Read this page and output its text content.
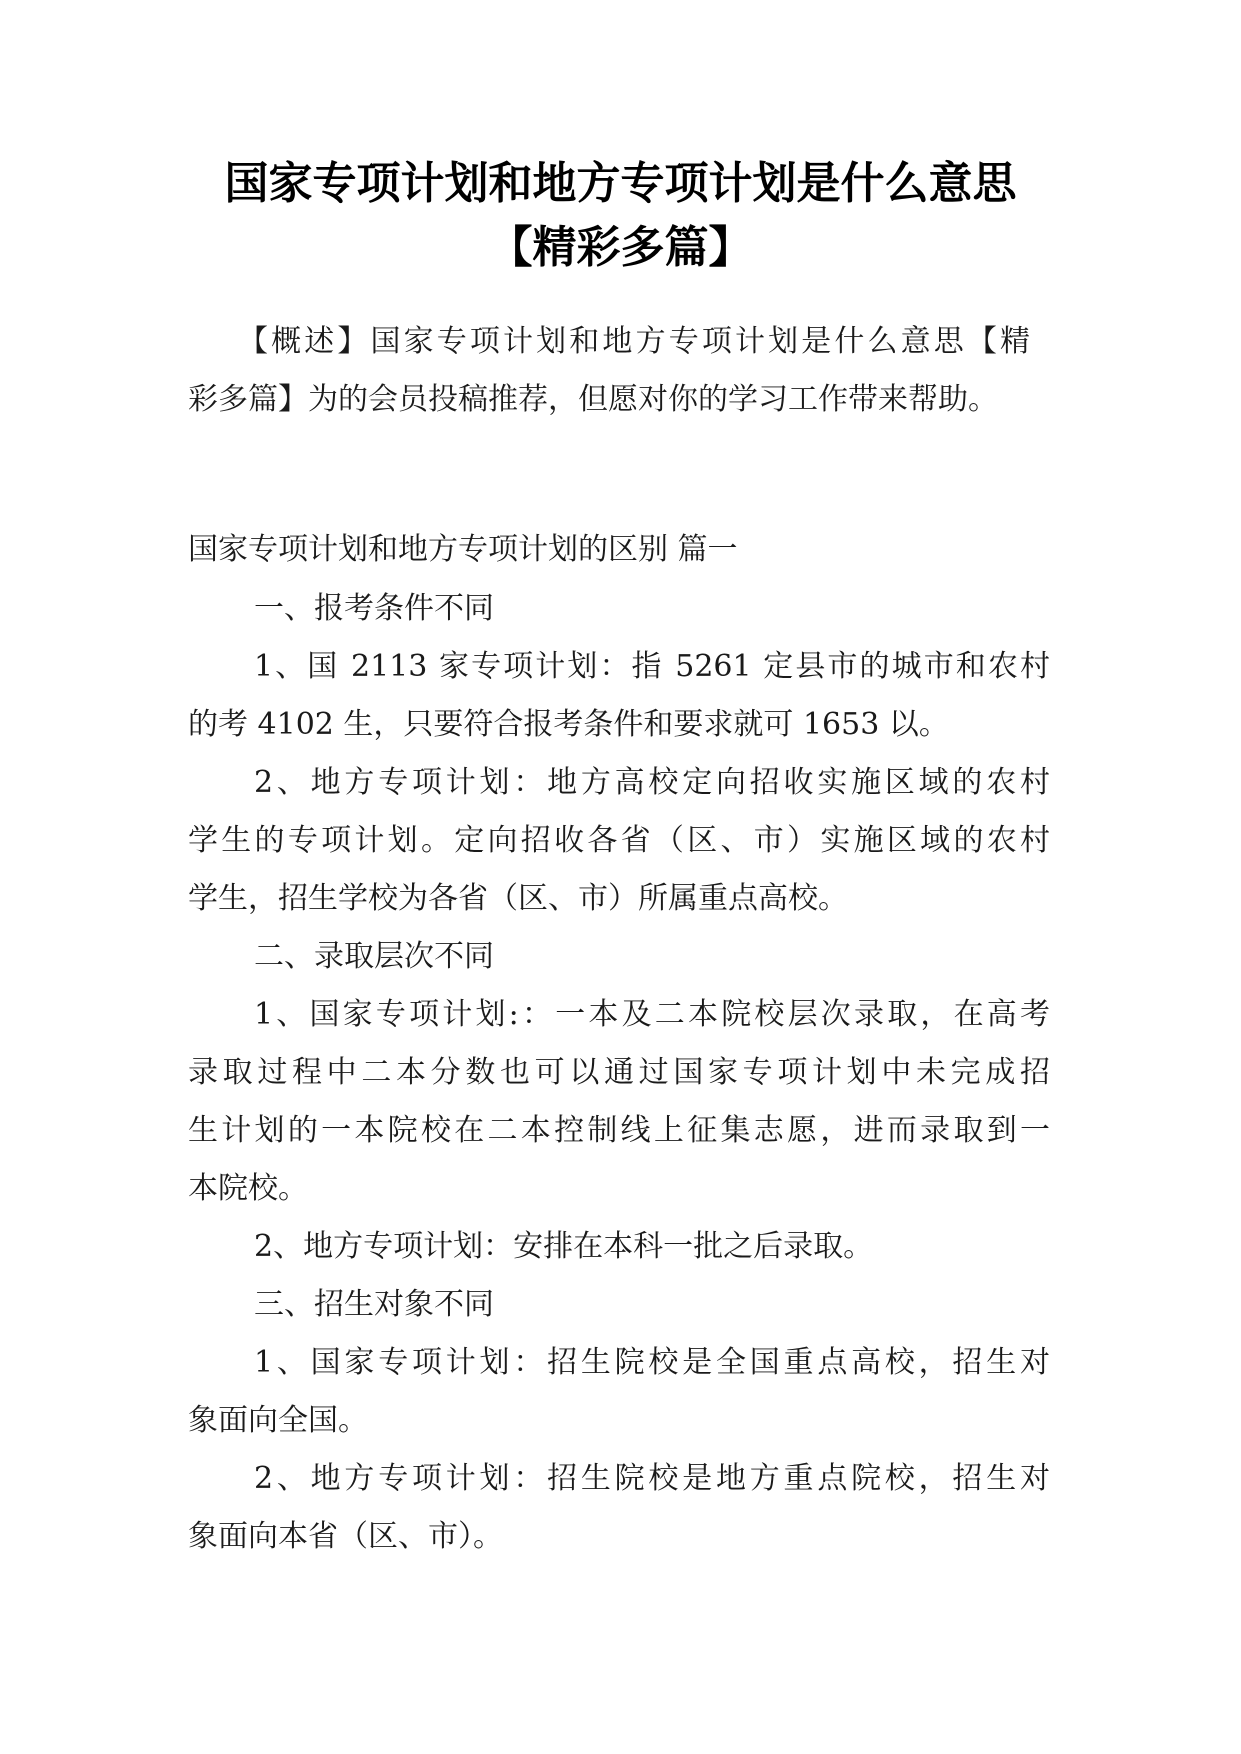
国家专项计划和地方专项计划是什么意思
【精彩多篇】

【概述】国家专项计划和地方专项计划是什么意思【精

彩多篇】为的会员投稿推荐，但愿对你的学习工作带来帮助。

国家专项计划和地方专项计划的区别 篇一

一、报考条件不同

1、国 2113 家专项计划：指 5261 定县市的城市和农村

的考 4102 生，只要符合报考条件和要求就可 1653 以。

2、地方专项计划：地方高校定向招收实施区域的农村

学生的专项计划。定向招收各省（区、市）实施区域的农村

学生，招生学校为各省（区、市）所属重点高校。

二、录取层次不同

1、国家专项计划:：一本及二本院校层次录取，在高考

录取过程中二本分数也可以通过国家专项计划中未完成招

生计划的一本院校在二本控制线上征集志愿，进而录取到一

本院校。

2、地方专项计划：安排在本科一批之后录取。

三、招生对象不同

1、国家专项计划：招生院校是全国重点高校，招生对

象面向全国。

2、地方专项计划：招生院校是地方重点院校，招生对

象面向本省（区、市）。
